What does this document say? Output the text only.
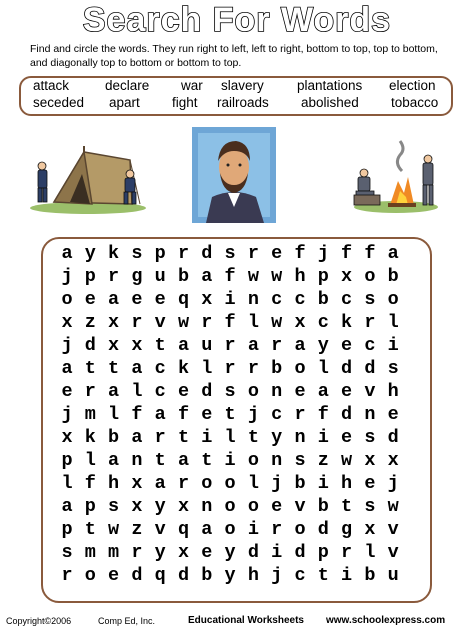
Search For Words
Find and circle the words. They run right to left, left to right, bottom to top, top to bottom, and diagonally top to bottom or bottom to top.
attack	declare war slavery plantations election
seceded apart fight railroads abolished tobacco
a y k s p r d s r e f j f f a
j p r g u b a f w w h p x o b
o e a e e q x i n c c b c s o
x z x r v w r f l w x c k r l
j d x x t a u r a r a y e c i
a t t a c k l r r b o l d d s
e r a l c e d s o n e a e v h
j m l f a f e t j c r f d n e
x k b a r t i l t y n i e s d
p l a n t a t i o n s z w x x
l f h x a r o o l j b i h e j
a p s x y x n o o e v b t s w
p t w z v q a o i r o d g x v
s m m r y x e y d i d p r l v
r o e d q d b y h j c t i b u
Copyright©2006	Comp Ed, Inc.	Educational Worksheets www.schoolexpress.com
